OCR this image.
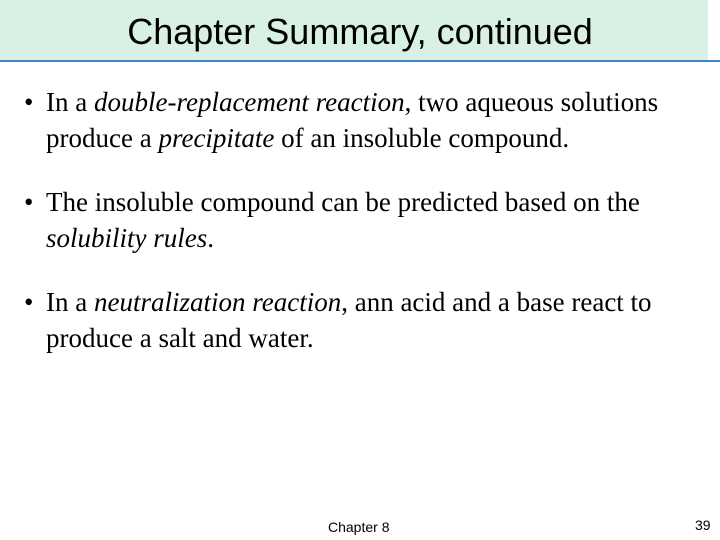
Chapter Summary, continued
• In a double-replacement reaction, two aqueous solutions produce a precipitate of an insoluble compound.
• The insoluble compound can be predicted based on the solubility rules.
• In a neutralization reaction, ann acid and a base react to produce a salt and water.
Chapter 8	39
